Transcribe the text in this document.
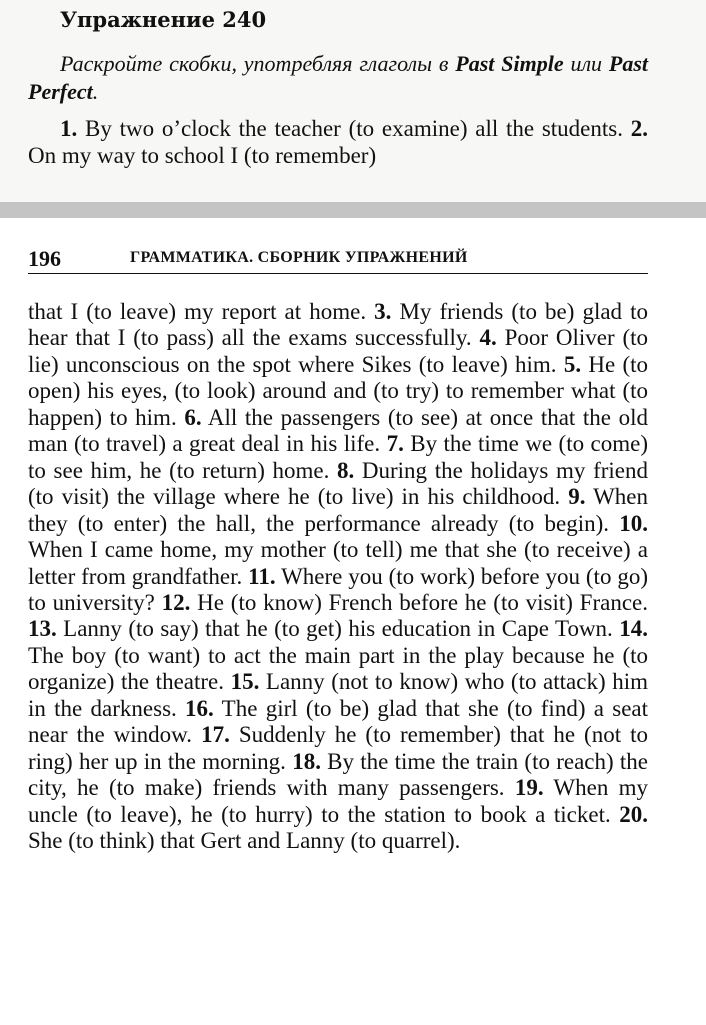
Упражнение 240

Раскройте скобки, употребляя глаголы в Past Simple или Past Perfect.

1. By two o’clock the teacher (to examine) all the students. 2. On my way to school I (to remember)

196	ГРАММАТИКА. СБОРНИК УПРАЖНЕНИЙ

that I (to leave) my report at home. 3. My friends (to be) glad to hear that I (to pass) all the exams successfully. 4. Poor Oliver (to lie) unconscious on the spot where Sikes (to leave) him. 5. He (to open) his eyes, (to look) around and (to try) to remember what (to happen) to him. 6. All the passengers (to see) at once that the old man (to travel) a great deal in his life. 7. By the time we (to come) to see him, he (to return) home. 8. During the holidays my friend (to visit) the village where he (to live) in his childhood. 9. When they (to enter) the hall, the performance already (to begin). 10. When I came home, my mother (to tell) me that she (to receive) a letter from grandfather. 11. Where you (to work) before you (to go) to university? 12. He (to know) French before he (to visit) France. 13. Lanny (to say) that he (to get) his education in Cape Town. 14. The boy (to want) to act the main part in the play because he (to organize) the theatre. 15. Lanny (not to know) who (to attack) him in the darkness. 16. The girl (to be) glad that she (to find) a seat near the window. 17. Suddenly he (to remember) that he (not to ring) her up in the morning. 18. By the time the train (to reach) the city, he (to make) friends with many passengers. 19. When my uncle (to leave), he (to hurry) to the station to book a ticket. 20. She (to think) that Gert and Lanny (to quarrel).
